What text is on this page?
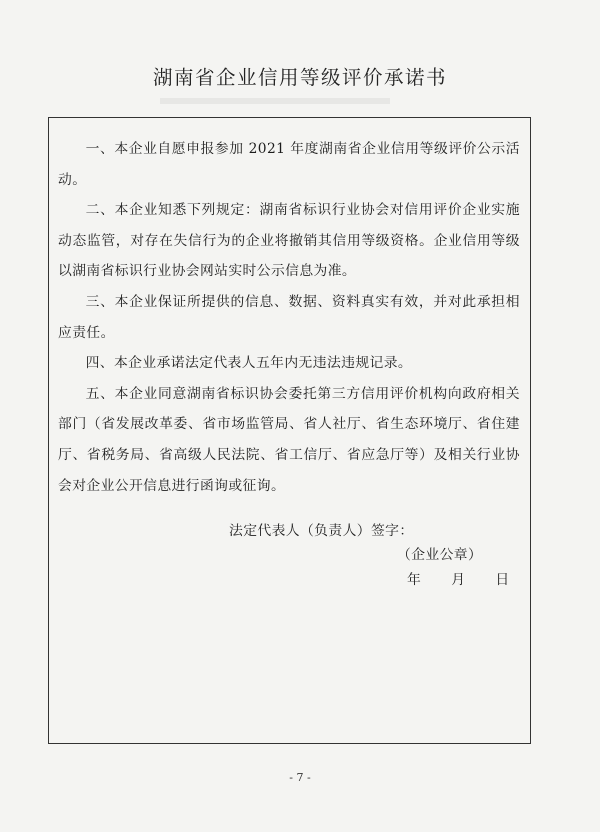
湖南省企业信用等级评价承诺书

一、本企业自愿申报参加 2021 年度湖南省企业信用等级评价公示活动。

二、本企业知悉下列规定：湖南省标识行业协会对信用评价企业实施动态监管，对存在失信行为的企业将撤销其信用等级资格。企业信用等级以湖南省标识行业协会网站实时公示信息为准。

三、本企业保证所提供的信息、数据、资料真实有效，并对此承担相应责任。

四、本企业承诺法定代表人五年内无违法违规记录。

五、本企业同意湖南省标识协会委托第三方信用评价机构向政府相关部门（省发展改革委、省市场监管局、省人社厅、省生态环境厅、省住建厅、省税务局、省高级人民法院、省工信厅、省应急厅等）及相关行业协会对企业公开信息进行函询或征询。

法定代表人（负责人）签字：
（企业公章）
年 月 日
- 7 -
